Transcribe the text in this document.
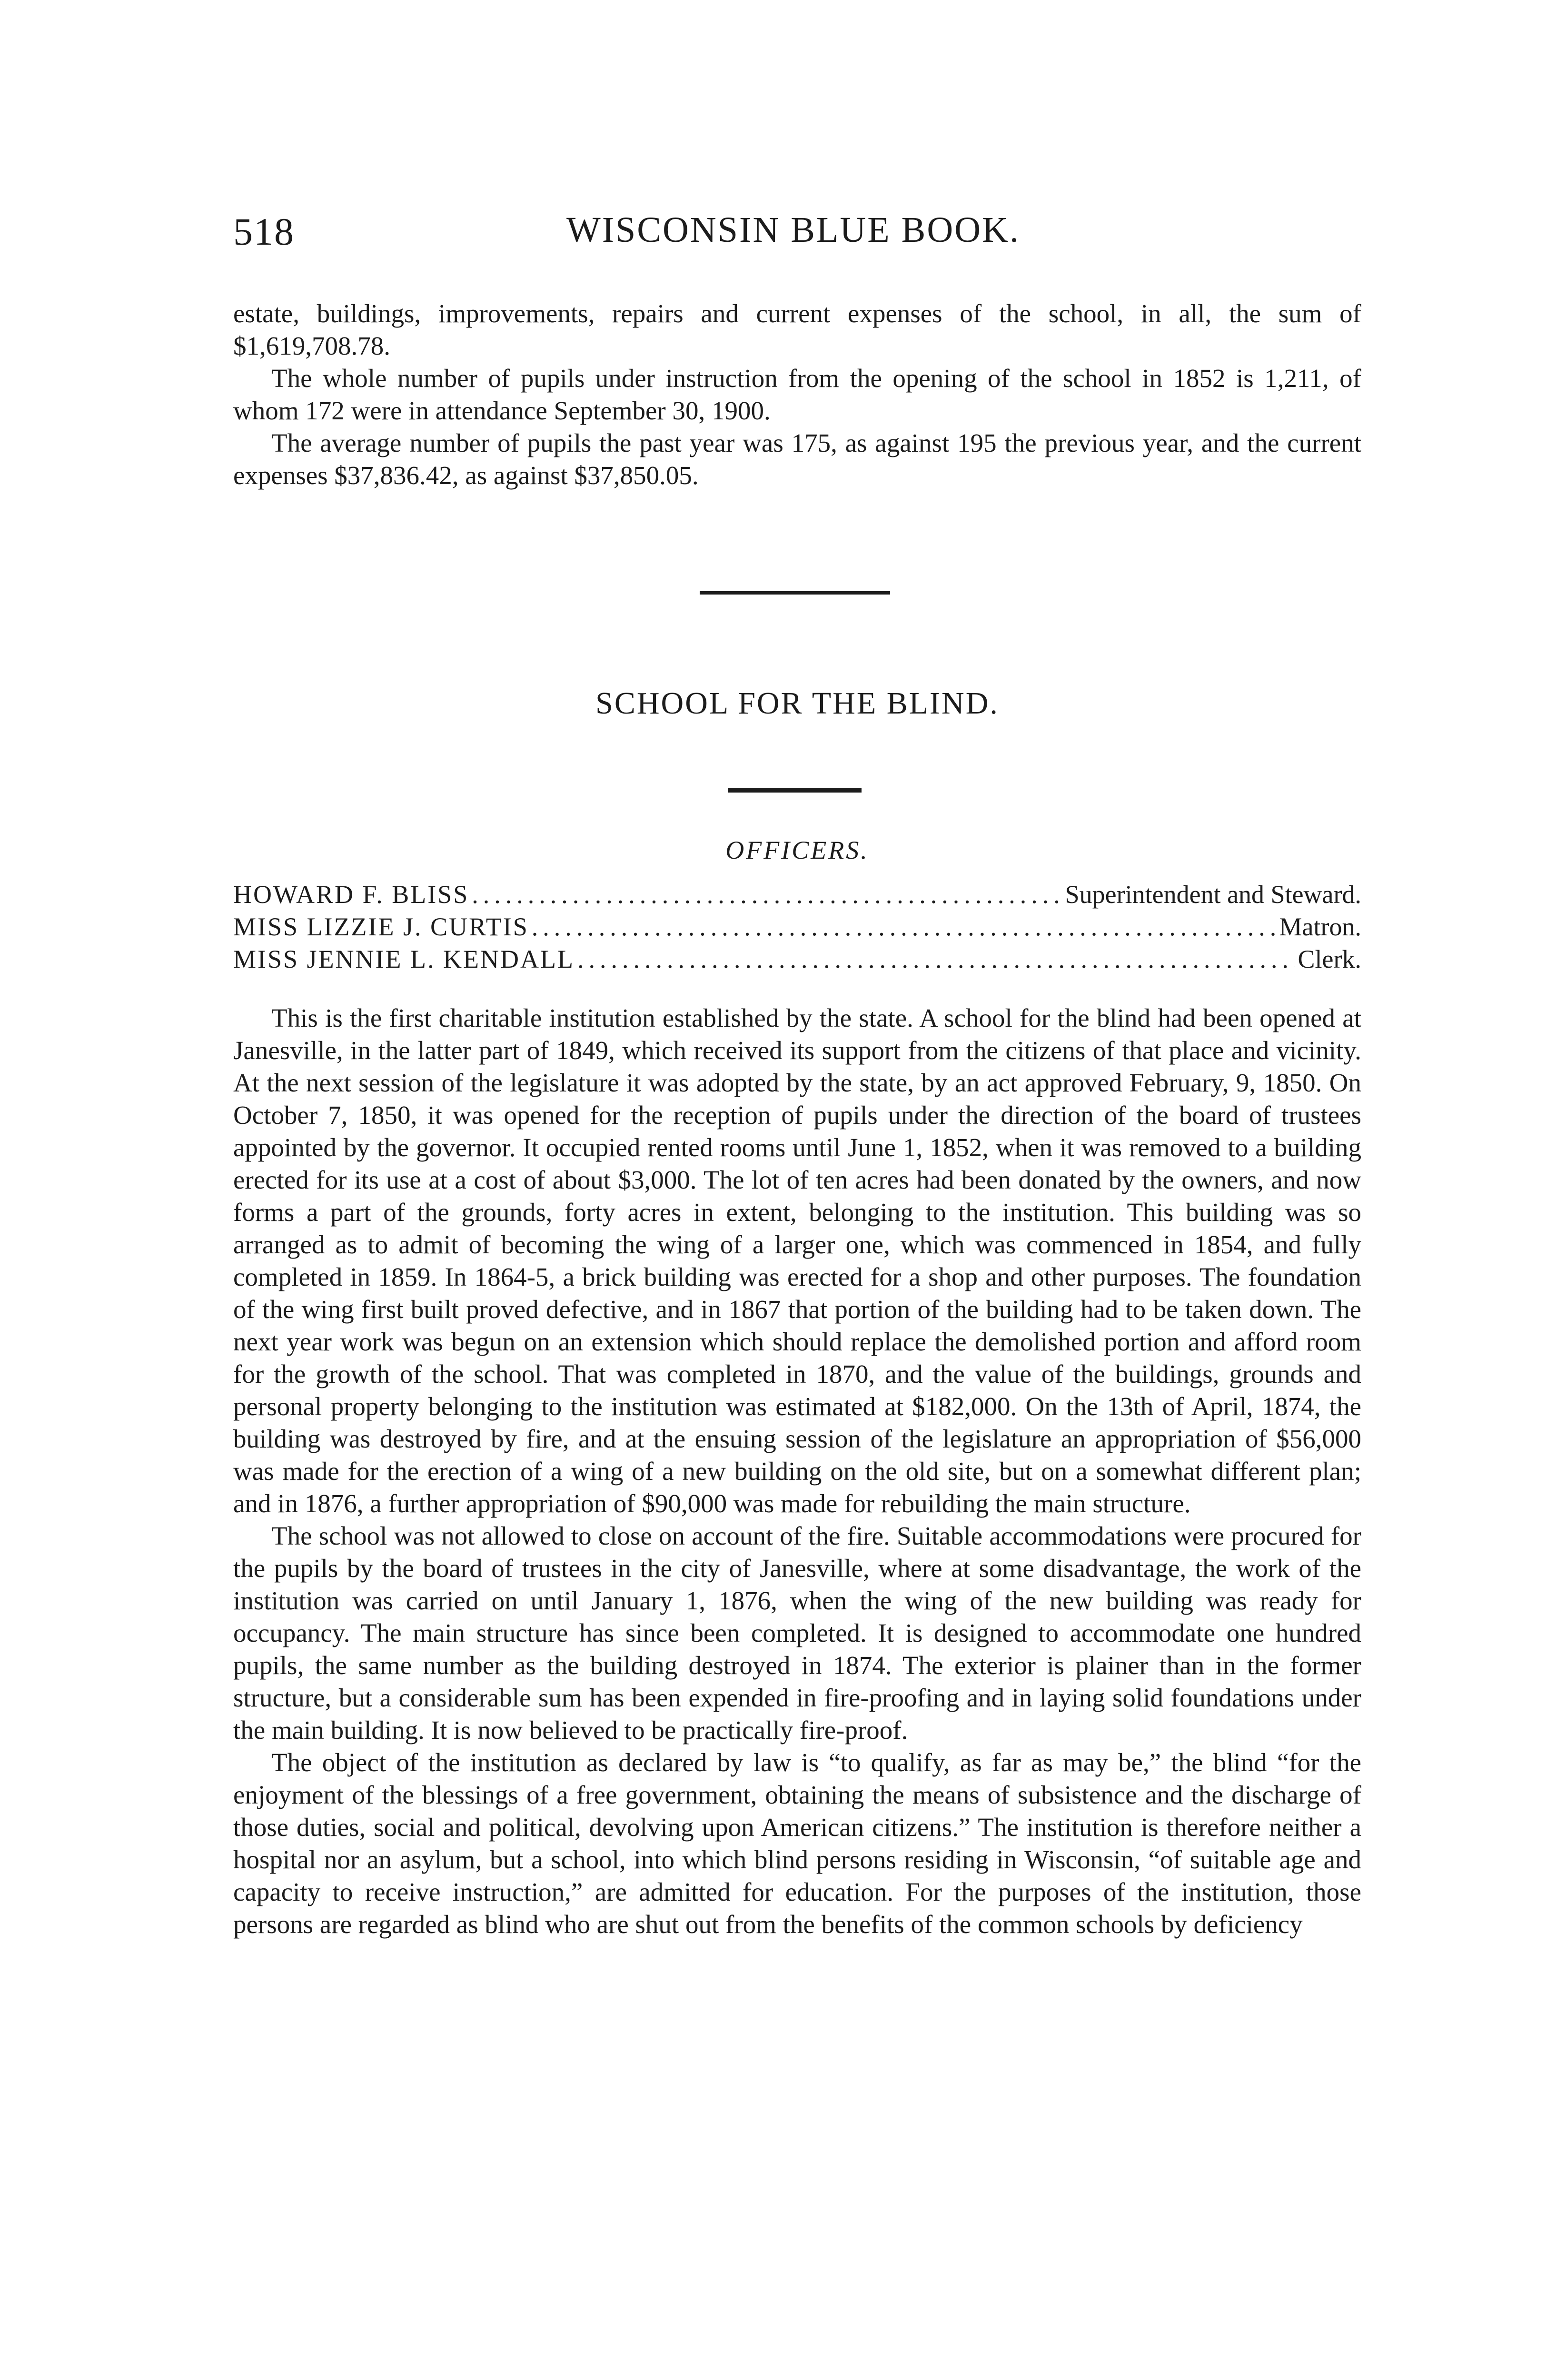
518	WISCONSIN BLUE BOOK.

estate, buildings, improvements, repairs and current expenses of the school, in all, the sum of $1,619,708.78.

The whole number of pupils under instruction from the opening of the school in 1852 is 1,211, of whom 172 were in attendance September 30, 1900.

The average number of pupils the past year was 175, as against 195 the previous year, and the current expenses $37,836.42, as against $37,850.05.

SCHOOL FOR THE BLIND.
OFFICERS.
HOWARD F. BLISS .....	Superintendent and Steward.
MISS LIZZIE J. CURTIS .....	Matron.
MISS JENNIE L. KENDALL .....	Clerk.

This is the first charitable institution established by the state. A school for the blind had been opened at Janesville, in the latter part of 1849, which received its support from the citizens of that place and vicinity. At the next session of the legislature it was adopted by the state, by an act approved February, 9, 1850. On October 7, 1850, it was opened for the reception of pupils under the direction of the board of trustees appointed by the governor. It occupied rented rooms until June 1, 1852, when it was removed to a building erected for its use at a cost of about $3,000. The lot of ten acres had been donated by the owners, and now forms a part of the grounds, forty acres in extent, belonging to the institution. This building was so arranged as to admit of becoming the wing of a larger one, which was commenced in 1854, and fully completed in 1859. In 1864-5, a brick building was erected for a shop and other purposes. The foundation of the wing first built proved defective, and in 1867 that portion of the building had to be taken down. The next year work was begun on an extension which should replace the demolished portion and afford room for the growth of the school. That was completed in 1870, and the value of the buildings, grounds and personal property belonging to the institution was estimated at $182,000. On the 13th of April, 1874, the building was destroyed by fire, and at the ensuing session of the legislature an appropriation of $56,000 was made for the erection of a wing of a new building on the old site, but on a somewhat different plan; and in 1876, a further appropriation of $90,000 was made for rebuilding the main structure.

The school was not allowed to close on account of the fire. Suitable accommodations were procured for the pupils by the board of trustees in the city of Janesville, where at some disadvantage, the work of the institution was carried on until January 1, 1876, when the wing of the new building was ready for occupancy. The main structure has since been completed. It is designed to accommodate one hundred pupils, the same number as the building destroyed in 1874. The exterior is plainer than in the former structure, but a considerable sum has been expended in fire-proofing and in laying solid foundations under the main building. It is now believed to be practically fire-proof.

The object of the institution as declared by law is “to qualify, as far as may be,” the blind “for the enjoyment of the blessings of a free government, obtaining the means of subsistence and the discharge of those duties, social and political, devolving upon American citizens.” The institution is therefore neither a hospital nor an asylum, but a school, into which blind persons residing in Wisconsin, “of suitable age and capacity to receive instruction,” are admitted for education. For the purposes of the institution, those persons are regarded as blind who are shut out from the benefits of the common schools by deficiency
